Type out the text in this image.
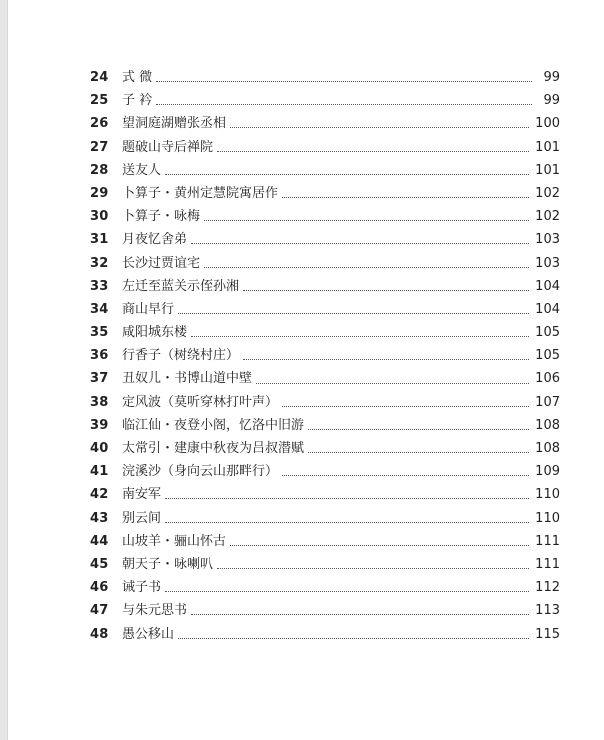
24	式 微	99
25	子 衿	99
26	望洞庭湖赠张丞相	100
27	题破山寺后禅院	101
28	送友人	101
29	卜算子・黄州定慧院寓居作	102
30	卜算子・咏梅	102
31	月夜忆舍弟	103
32	长沙过贾谊宅	103
33	左迁至蓝关示侄孙湘	104
34	商山早行	104
35	咸阳城东楼	105
36	行香子（树绕村庄）	105
37	丑奴儿・书博山道中壁	106
38	定风波（莫听穿林打叶声）	107
39	临江仙・夜登小阁，忆洛中旧游	108
40	太常引・建康中秋夜为吕叔潜赋	108
41	浣溪沙（身向云山那畔行）	109
42	南安军	110
43	别云间	110
44	山坡羊・骊山怀古	111
45	朝天子・咏喇叭	111
46	诫子书	112
47	与朱元思书	113
48	愚公移山	115
